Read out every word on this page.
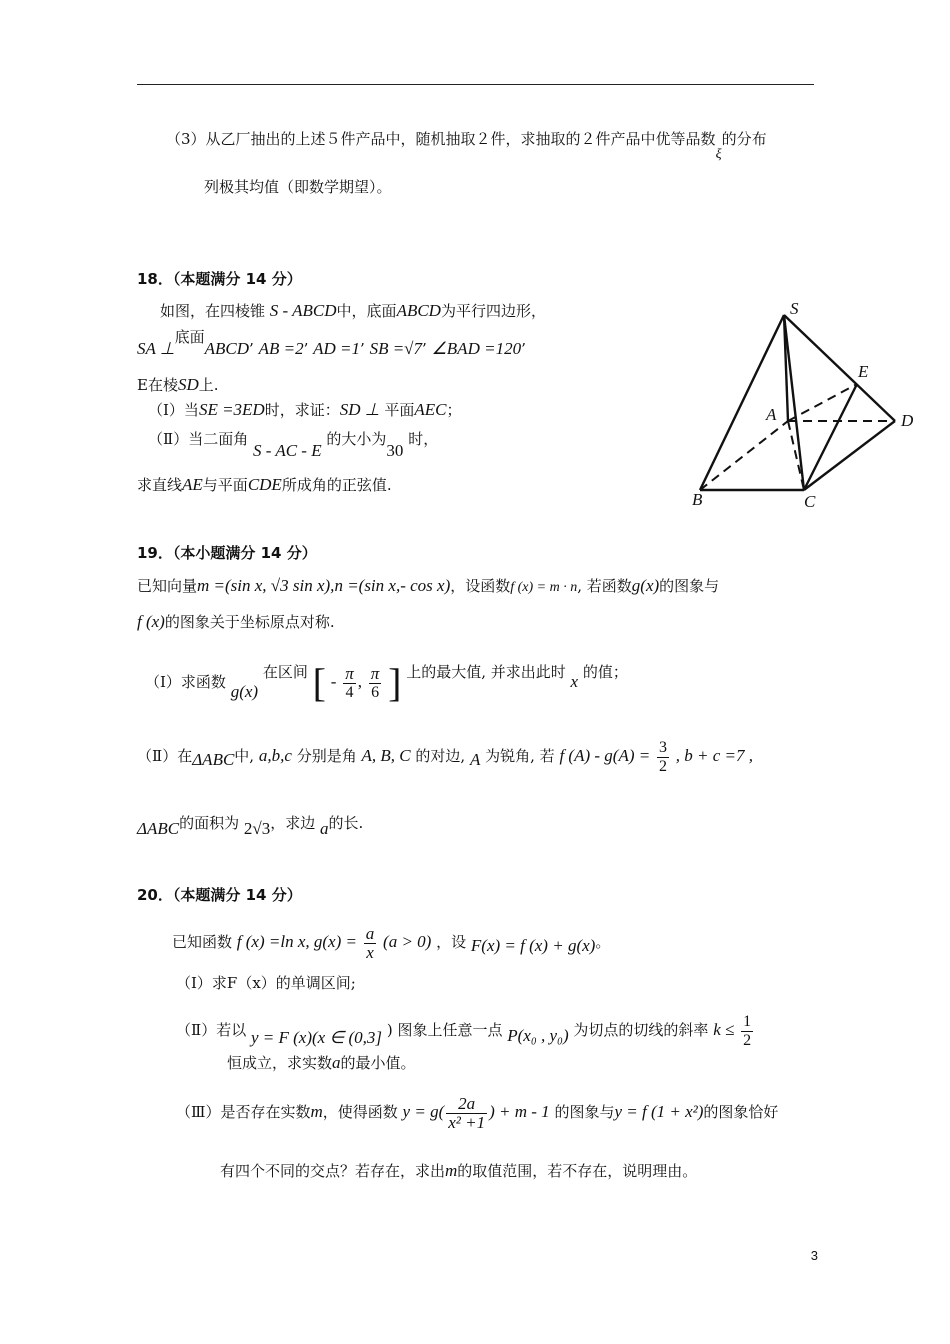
（3）从乙厂抽出的上述５件产品中，随机抽取２件，求抽取的２件产品中优等品数ξ的分布
列极其均值（即数学期望）。
18．（本题满分 14 分）
如图，在四棱锥 S - ABCD中，底面ABCD为平行四边形，
SA ⊥底面ABCD’ AB =2’ AD =1’ SB =√7’ ∠BAD =120’
E在棱SD上.
（Ⅰ）当SE =3ED时，求证：SD ⊥ 平面AEC；
（Ⅱ）当二面角 S - AC - E 的大小为30 时，
求直线AE与平面CDE所成角的正弦值.
S
E
A	D
B	C
19．（本小题满分 14 分）
已知向量m =(sin x, √3 sin x),n =(sin x,- cos x)，设函数f (x) = m · n, 若函数g(x)的图象与
f (x)的图象关于坐标原点对称.
（Ⅰ）求函数 g(x) 在区间 [ - $\frac{\pi}{4}$ , $\frac{\pi}{6}$ ] 上的最大值, 并求出此时 x 的值；
（Ⅱ）在ΔABC中, a,b,c 分别是角 A, B, C 的对边, A 为锐角, 若 f $(A) - g(A) = \frac{3}{2}$ , b + c =7 ,
ΔABC的面积为 2√3，求边 a的长.
20．（本题满分 14 分）
已知函数 f (x) =ln x, $g(x) = \frac{a}{x} (a > 0)$ ，设 F(x) = f (x) + g(x)。
（Ⅰ）求F（x）的单调区间;
（Ⅱ）若以 y = F (x)(x ∈ (0,3] ) 图象上任意一点 P(x₀ , y₀) 为切点的切线的斜率 $k \le \frac{1}{2}$
恒成立，求实数a的最小值。
（Ⅲ）是否存在实数m，使得函数 $y = g( \frac{2a}{\text{x² +1}}$ ) + m - 1 的图象与y = f (1 + x²)的图象恰好
有四个不同的交点？若存在，求出m的取值范围，若不存在，说明理由。
3
